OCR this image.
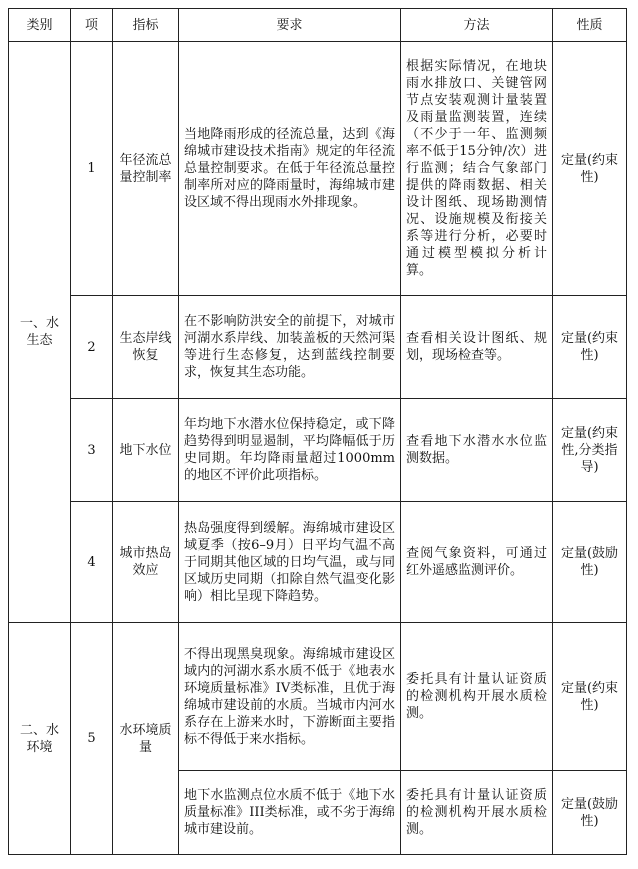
类别	项	指标	要求	方法	性质
一、水生态	1	年径流总量控制率	当地降雨形成的径流总量，达到《海绵城市建设技术指南》规定的年径流总量控制要求。在低于年径流总量控制率所对应的降雨量时，海绵城市建设区域不得出现雨水外排现象。	根据实际情况，在地块雨水排放口、关键管网节点安装观测计量装置及雨量监测装置，连续（不少于一年、监测频率不低于15分钟/次）进行监测；结合气象部门提供的降雨数据、相关设计图纸、现场勘测情况、设施规模及衔接关系等进行分析，必要时通过模型模拟分析计算。	定量(约束性)
	2	生态岸线恢复	在不影响防洪安全的前提下，对城市河湖水系岸线、加装盖板的天然河渠等进行生态修复，达到蓝线控制要求，恢复其生态功能。	查看相关设计图纸、规划，现场检查等。	定量(约束性)
	3	地下水位	年均地下水潜水位保持稳定，或下降趋势得到明显遏制，平均降幅低于历史同期。年均降雨量超过1000mm的地区不评价此项指标。	查看地下水潜水水位监测数据。	定量(约束性,分类指导)
	4	城市热岛效应	热岛强度得到缓解。海绵城市建设区域夏季（按6–9月）日平均气温不高于同期其他区域的日均气温，或与同区域历史同期（扣除自然气温变化影响）相比呈现下降趋势。	查阅气象资料，可通过红外遥感监测评价。	定量(鼓励性)
二、水环境	5	水环境质量	不得出现黑臭现象。海绵城市建设区域内的河湖水系水质不低于《地表水环境质量标准》IV类标准，且优于海绵城市建设前的水质。当城市内河水系存在上游来水时，下游断面主要指标不得低于来水指标。	委托具有计量认证资质的检测机构开展水质检测。	定量(约束性)
			地下水监测点位水质不低于《地下水质量标准》III类标准，或不劣于海绵城市建设前。	委托具有计量认证资质的检测机构开展水质检测。	定量(鼓励性)
